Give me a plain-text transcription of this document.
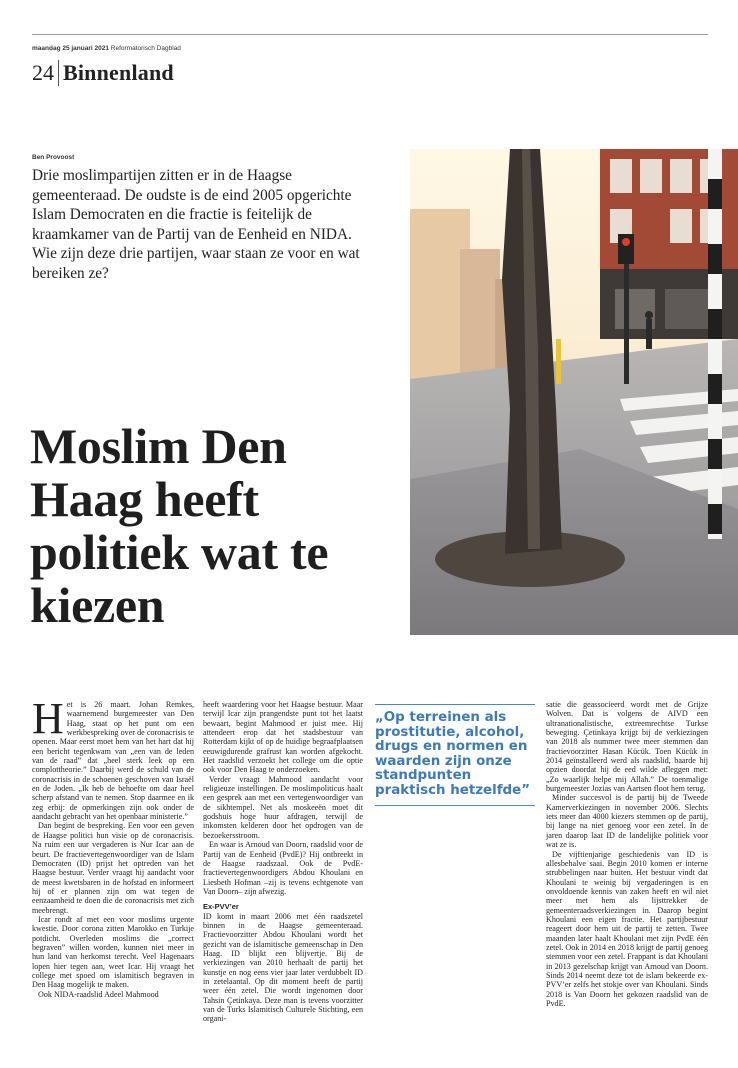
maandag 25 januari 2021 Reformatorisch Dagblad
24 Binnenland
Ben Provoost
Drie moslimpartijen zitten er in de Haagse gemeenteraad. De oudste is de eind 2005 opgerichte Islam Democraten en die fractie is feitelijk de kraamkamer van de Partij van de Eenheid en NIDA. Wie zijn deze drie partijen, waar staan ze voor en wat bereiken ze?
Moslim Den Haag heeft politiek wat te kiezen
H et is 26 maart. Johan Remkes, waarnemend burgemeester van Den Haag, staat op het punt om een werkbespreking over de coronacrisis te openen. Maar eerst moet hem van het hart dat hij een bericht tegenkwam van „een van de leden van de raad” dat „heel sterk leek op een complottheorie.” Daarbij werd de schuld van de coronacrisis in de schoenen geschoven van Israël en de Joden. „Ik heb de behoefte om daar heel scherp afstand van te nemen. Stop daarmee en ik zeg erbij: de opmerkingen zijn ook onder de aandacht gebracht van het openbaar ministerie.”

Dan begint de bespreking. Een voor een geven de Haagse politici hun visie op de coronacrisis. Na ruim een uur vergaderen is Nur Icar aan de beurt. De fractievertegenwoordiger van de Islam Democraten (ID) prijst het optreden van het Haagse bestuur. Verder vraagt hij aandacht voor de meest kwetsbaren in de hofstad en informeert hij of er plannen zijn om wat tegen de eenzaamheid te doen die de coronacrisis met zich meebrengt.

Icar rondt af met een voor moslims urgente kwestie. Door corona zitten Marokko en Turkije potdicht. Overleden moslims die „correct begraven” willen worden, kunnen niet meer in hun land van herkomst terecht. Veel Hagenaars lopen hier tegen aan, weet Icar. Hij vraagt het college met spoed om islamitisch begraven in Den Haag mogelijk te maken.

Ook NIDA-raadslid Adeel Mahmood

heeft waardering voor het Haagse bestuur. Maar terwijl Icar zijn prangendste punt tot het laatst bewaart, begint Mahmood er juist mee. Hij attendeert erop dat het stadsbestuur van Rotterdam kijkt of op de huidige begraafplaatsen eeuwigdurende grafrust kan worden afgekocht. Het raadslid verzoekt het college om die optie ook voor Den Haag te onderzoeken.

Verder vraagt Mahmood aandacht voor religieuze instellingen. De moslimpoliticus haalt een gesprek aan met een vertegenwoordiger van de sikhtempel. Net als moskeeën moet dit godshuis hoge huur afdragen, terwijl de inkomsten kelderen door het opdrogen van de bezoekersstroom.

En waar is Arnoud van Doorn, raadslid voor de Partij van de Eenheid (PvdE)? Hij ontbreekt in de Haagse raadszaal. Ook de PvdE-fractievertegenwoordigers Abdou Khoulani en Liesbeth Hofman –zij is tevens echtgenote van Van Doorn– zijn afwezig.

Ex-PVV’er

ID komt in maart 2006 met één raadszetel binnen in de Haagse gemeenteraad. Fractievoorzitter Abdou Khoulani wordt het gezicht van de islamitische gemeenschap in Den Haag. ID blijkt een blijvertje. Bij de verkiezingen van 2010 herhaalt de partij het kunstje en nog eens vier jaar later verdubbelt ID in zetelaantal. Op dit moment heeft de partij weer één zetel. Die wordt ingenomen door Tahsin Çetinkaya. Deze man is tevens voorzitter van de Turks Islamitisch Culturele Stichting, een organi-

„Op terreinen als prostitutie, alcohol, drugs en normen en waarden zijn onze standpunten praktisch hetzelfde”

satie die geassocieerd wordt met de Grijze Wolven. Dat is volgens de AIVD een ultranationalistische, extreemrechtse Turkse beweging. Çetinkaya krijgt bij de verkiezingen van 2018 als nummer twee meer stemmen dan fractievoorzitter Hasan Kücük. Toen Kücük in 2014 geïnstalleerd werd als raadslid, baarde hij opzien doordat hij de eed wilde afleggen met: „Zo waarlijk helpe mij Allah.” De toenmalige burgemeester Jozias van Aartsen floot hem terug.

Minder succesvol is de partij bij de Tweede Kamerverkiezingen in november 2006. Slechts iets meer dan 4000 kiezers stemmen op de partij, bij lange na niet genoeg voor een zetel. In de jaren daarop laat ID de landelijke politiek voor wat ze is.

De vijftienjarige geschiedenis van ID is allesbehalve saai. Begin 2010 komen er interne strubbelingen naar buiten. Het bestuur vindt dat Khoulani te weinig bij vergaderingen is en onvoldoende kennis van zaken heeft en wil niet meer met hem als lijsttrekker de gemeenteraadsverkiezingen in. Daarop begint Khoulani een eigen fractie. Het partijbestuur reageert door hem uit de partij te zetten. Twee maanden later haalt Khoulani met zijn PvdE één zetel. Ook in 2014 en 2018 krijgt de partij genoeg stemmen voor een zetel. Frappant is dat Khoulani in 2013 gezelschap krijgt van Arnoud van Doorn. Sinds 2014 neemt deze tot de islam bekeerde ex-PVV’er zelfs het stokje over van Khoulani. Sinds 2018 is Van Doorn het gekozen raadslid van de PvdE.
